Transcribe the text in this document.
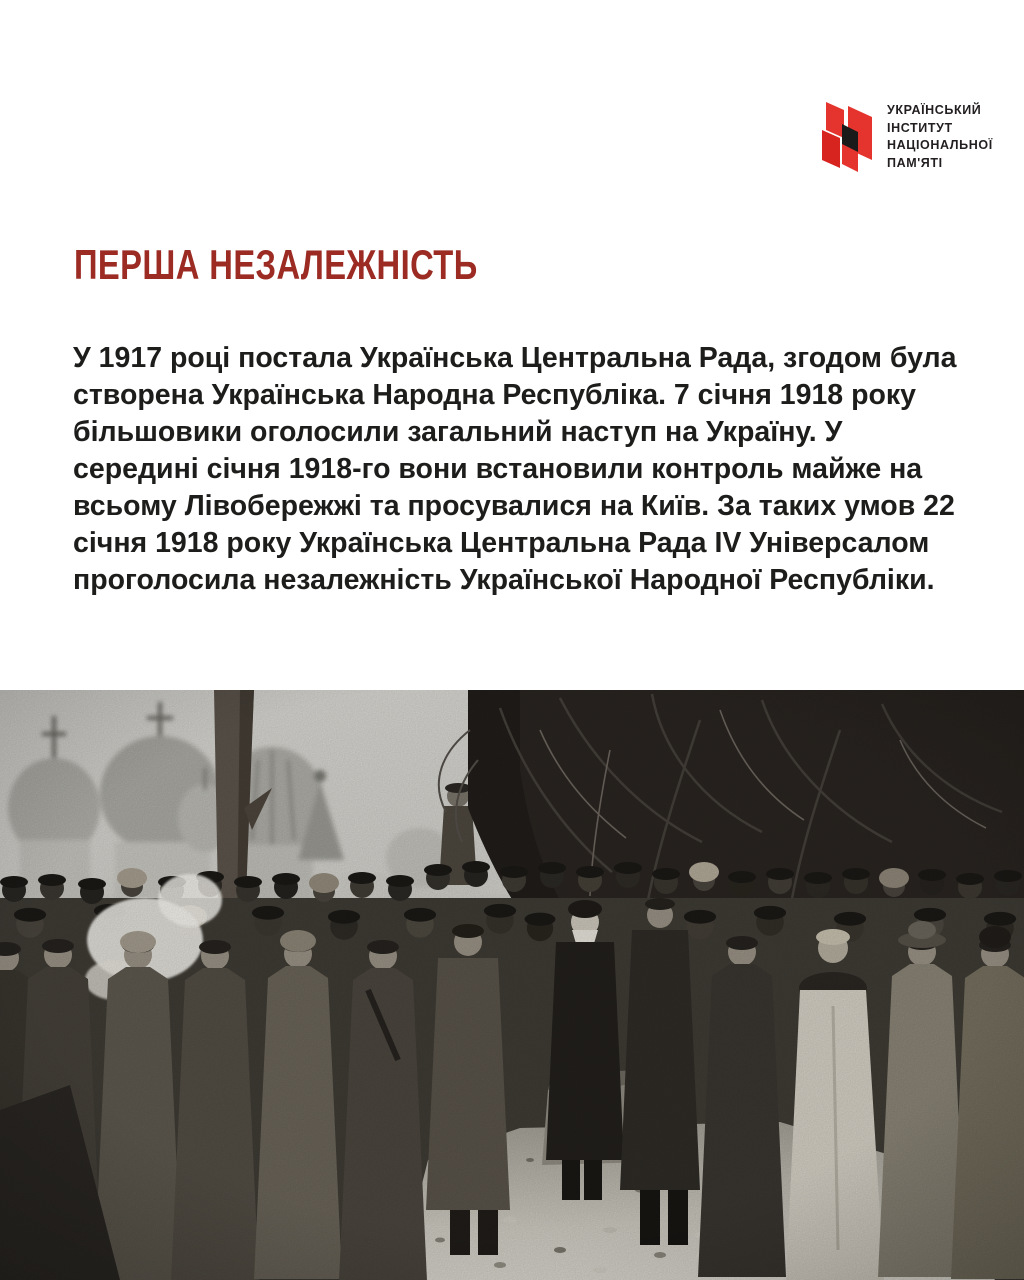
УКРАЇНСЬКИЙ
ІНСТИТУТ
НАЦІОНАЛЬНОЇ
ПАМ'ЯТІ
ПЕРША НЕЗАЛЕЖНІСТЬ

У 1917 році постала Українська Центральна Рада, згодом була створена Українська Народна Республіка. 7 січня 1918 року більшовики оголосили загальний наступ на Україну. У середині січня 1918-го вони встановили контроль майже на всьому Лівобережжі та просувалися на Київ. За таких умов 22 січня 1918 року Українська Центральна Рада IV Універсалом проголосила незалежність Української Народної Республіки.
